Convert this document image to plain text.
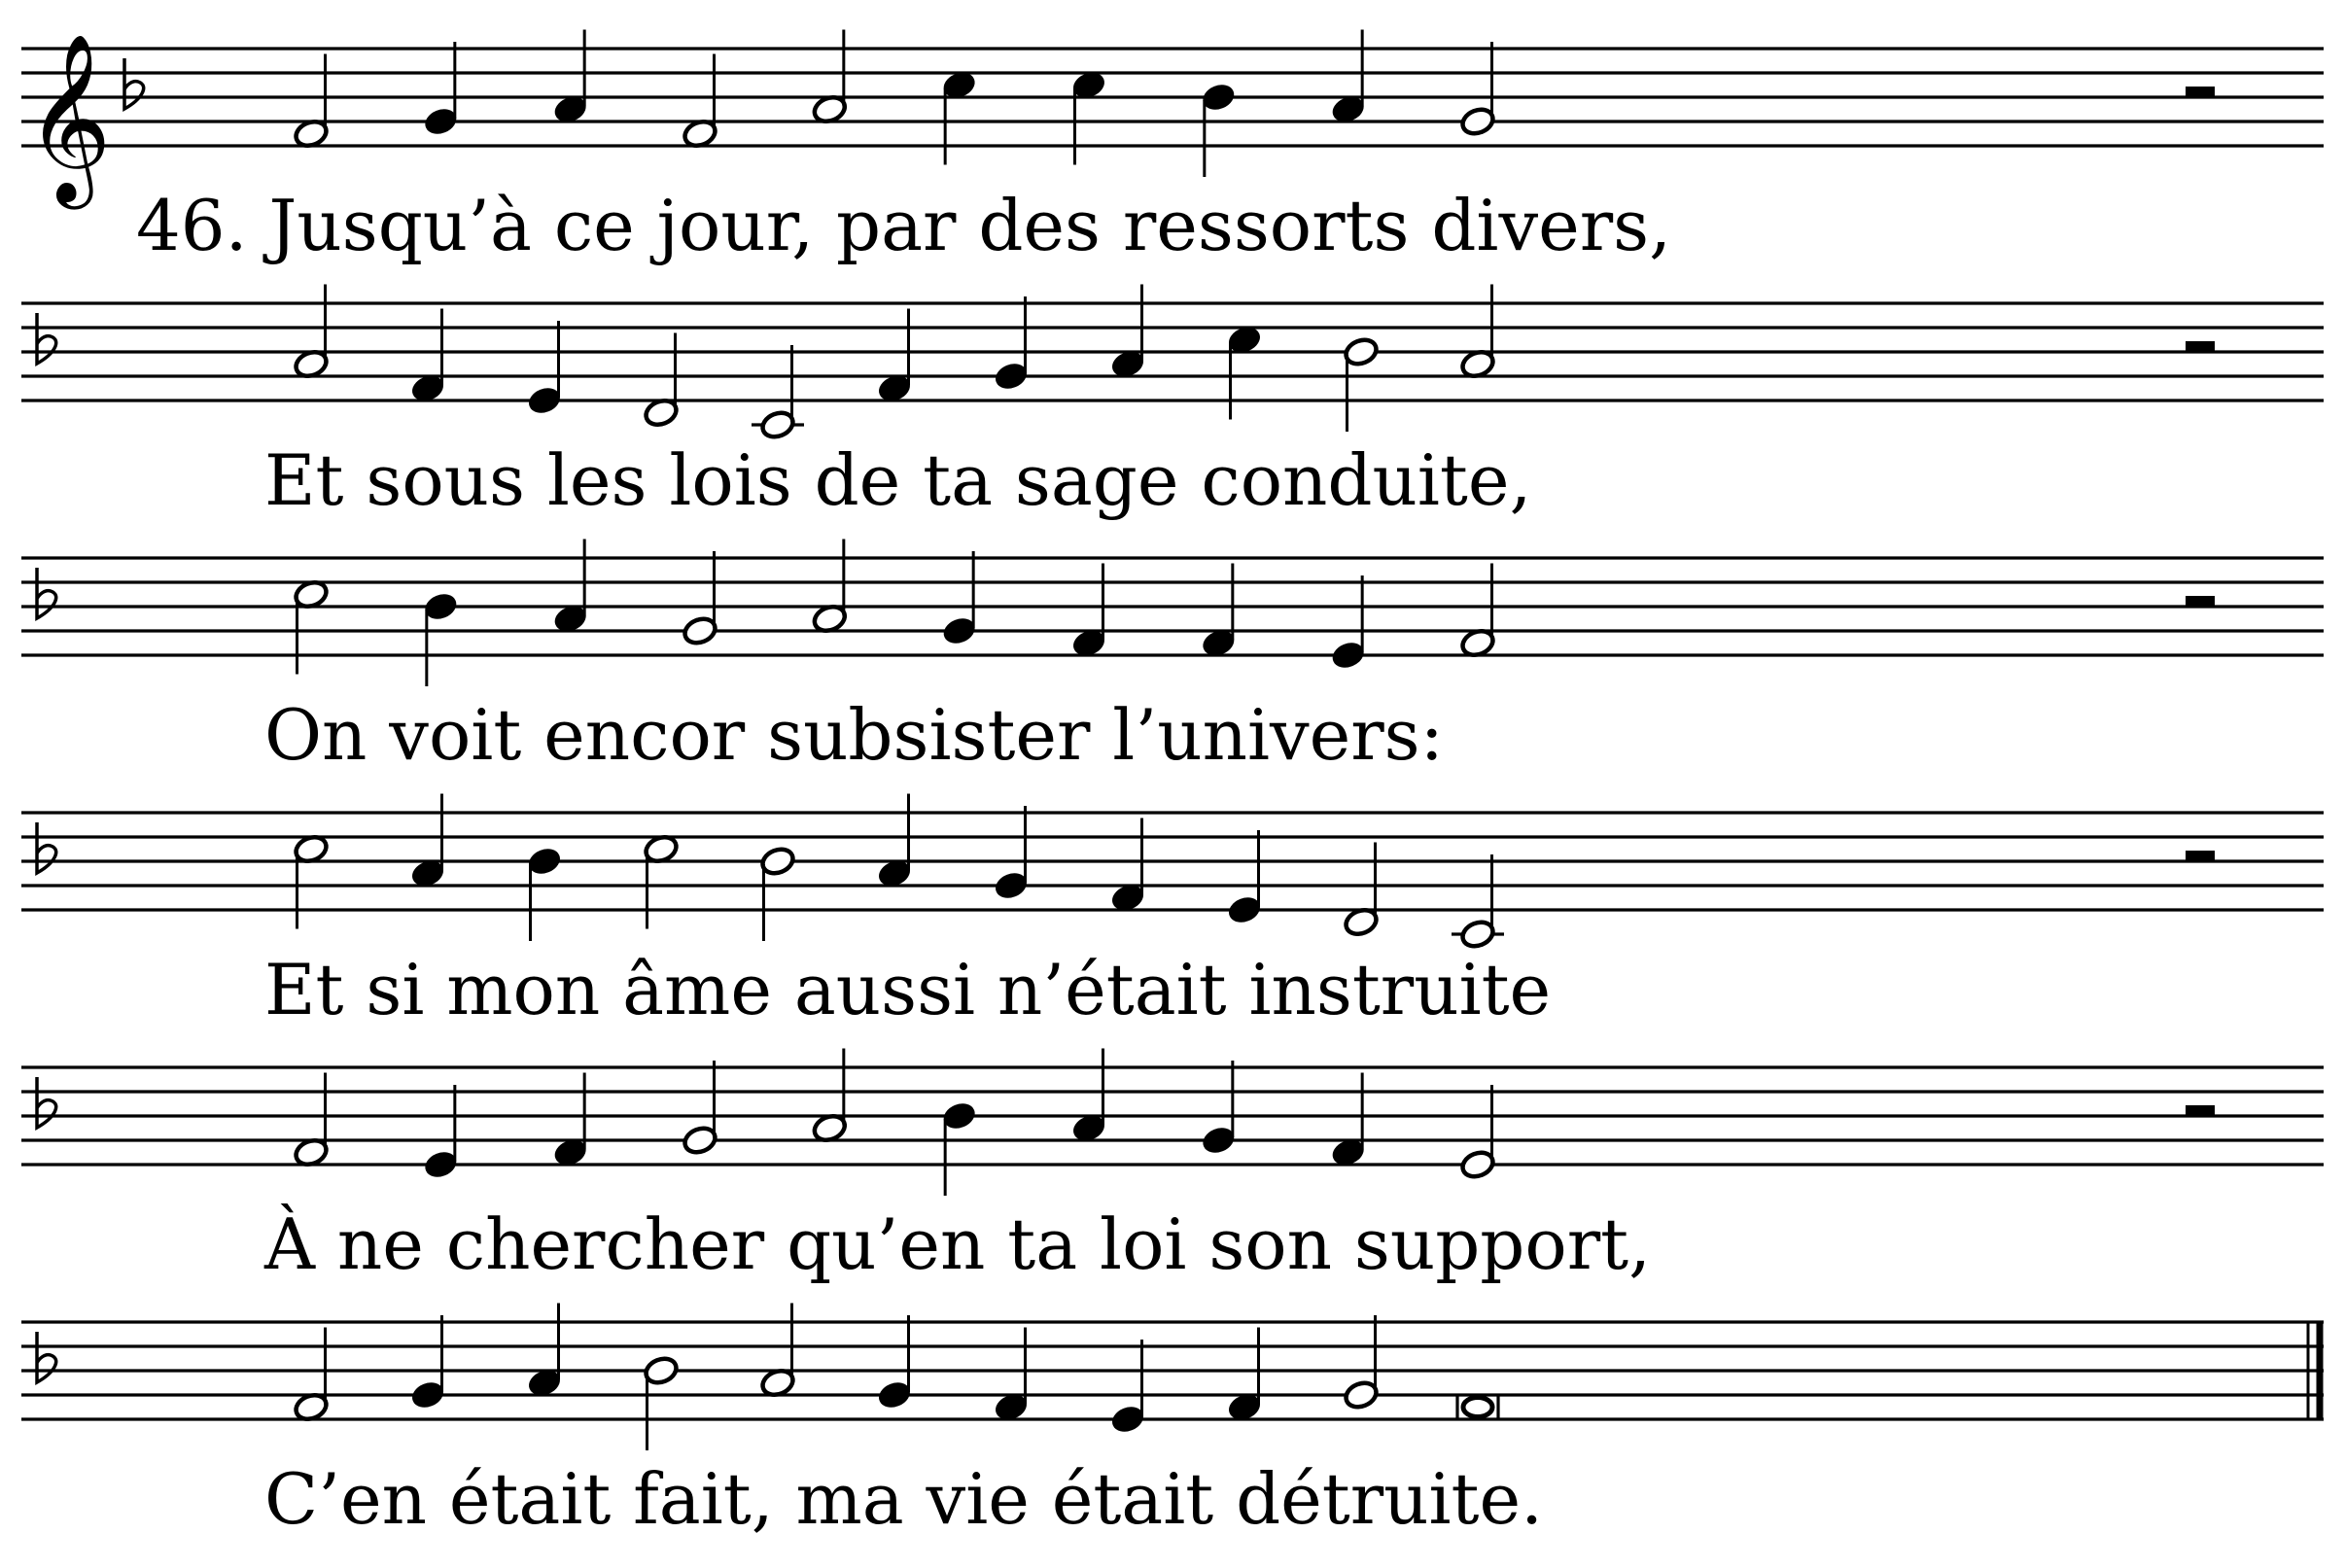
𝄞
46. Jusqu’à ce jour, par des ressorts divers,
Et sous les lois de ta sage conduite,
On voit encor subsister l’univers:
Et si mon âme aussi n’était instruite
À ne chercher qu’en ta loi son support,
C’en était fait, ma vie était détruite.
